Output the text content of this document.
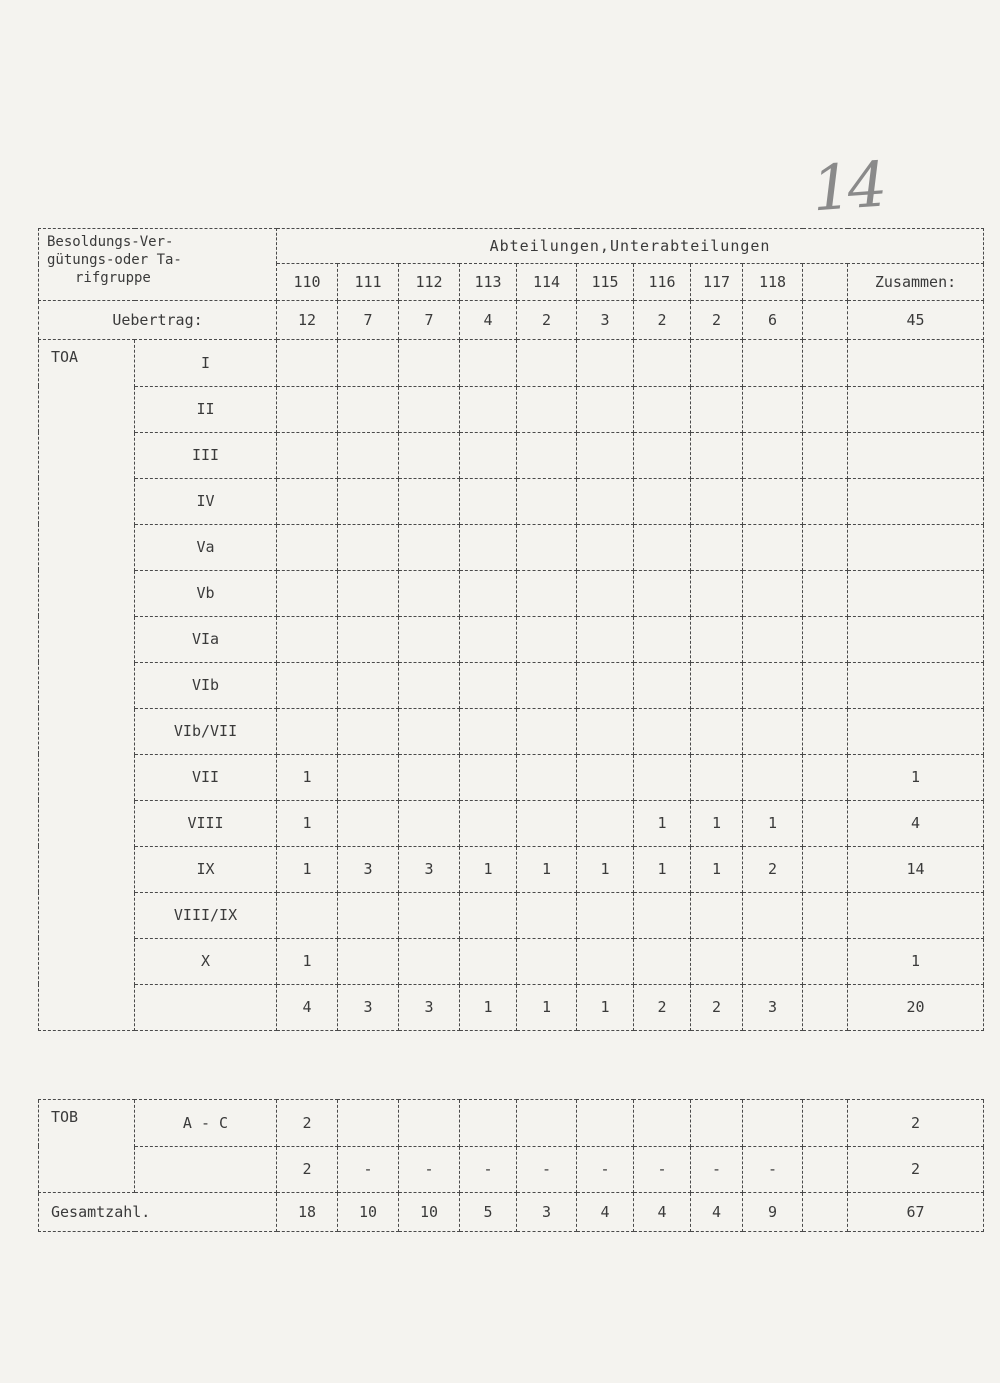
14
Besoldungs-Ver-
gütungs-oder Ta-
rifgruppe		Abteilungen,Unterabteilungen										
		110	111	112	113	114	115	116	117	118		Zusammen:
Uebertrag:		12	7	7	4	2	3	2	2	6		45
TOA	I											
	II											
	III											
	IV											
	Va											
	Vb											
	VIa											
	VIb											
	VIb/VII											
	VII	1										1
	VIII	1						1	1	1		4
	IX	1	3	3	1	1	1	1	1	2		14
	VIII/IX											
	X	1										1
		4	3	3	1	1	1	2	2	3		20

TOB	A - C	2										2
		2	-	-	-	-	-	-	-	-		2
Gesamtzahl.		18	10	10	5	3	4	4	4	9		67
